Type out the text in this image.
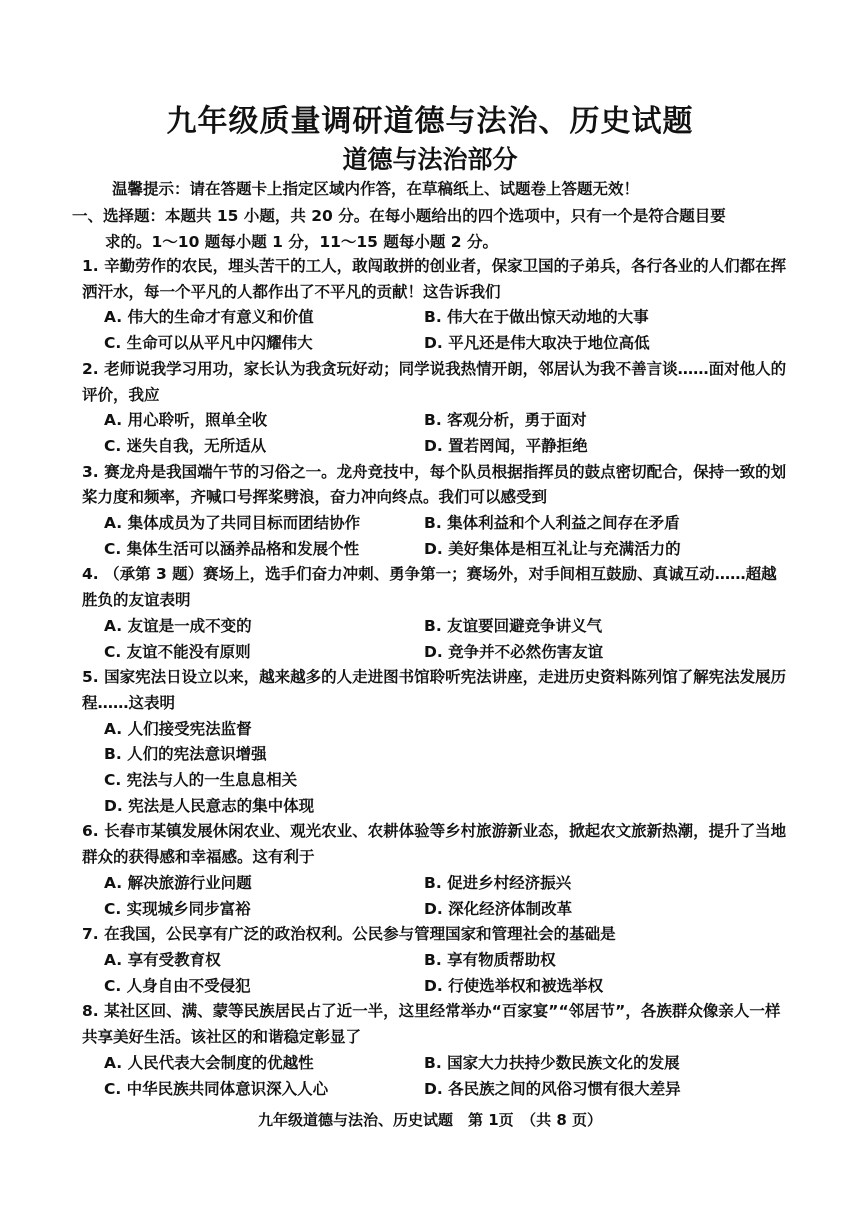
九年级质量调研道德与法治、历史试题
道德与法治部分
温馨提示：请在答题卡上指定区域内作答，在草稿纸上、试题卷上答题无效！
一、选择题：本题共 15 小题，共 20 分。在每小题给出的四个选项中，只有一个是符合题目要
求的。1～10 题每小题 1 分，11～15 题每小题 2 分。
1. 辛勤劳作的农民，埋头苦干的工人，敢闯敢拼的创业者，保家卫国的子弟兵，各行各业的人们都在挥洒汗水，每一个平凡的人都作出了不平凡的贡献！这告诉我们
A. 伟大的生命才有意义和价值	B. 伟大在于做出惊天动地的大事
C. 生命可以从平凡中闪耀伟大	D. 平凡还是伟大取决于地位高低
2. 老师说我学习用功，家长认为我贪玩好动；同学说我热情开朗，邻居认为我不善言谈……面对他人的评价，我应
A. 用心聆听，照单全收	B. 客观分析，勇于面对
C. 迷失自我，无所适从	D. 置若罔闻，平静拒绝
3. 赛龙舟是我国端午节的习俗之一。龙舟竞技中，每个队员根据指挥员的鼓点密切配合，保持一致的划桨力度和频率，齐喊口号挥桨劈浪，奋力冲向终点。我们可以感受到
A. 集体成员为了共同目标而团结协作	B. 集体利益和个人利益之间存在矛盾
C. 集体生活可以涵养品格和发展个性	D. 美好集体是相互礼让与充满活力的
4. （承第 3 题）赛场上，选手们奋力冲刺、勇争第一；赛场外，对手间相互鼓励、真诚互动……超越胜负的友谊表明
A. 友谊是一成不变的	B. 友谊要回避竞争讲义气
C. 友谊不能没有原则	D. 竞争并不必然伤害友谊
5. 国家宪法日设立以来，越来越多的人走进图书馆聆听宪法讲座，走进历史资料陈列馆了解宪法发展历程……这表明
A. 人们接受宪法监督
B. 人们的宪法意识增强
C. 宪法与人的一生息息相关
D. 宪法是人民意志的集中体现
6. 长春市某镇发展休闲农业、观光农业、农耕体验等乡村旅游新业态，掀起农文旅新热潮，提升了当地群众的获得感和幸福感。这有利于
A. 解决旅游行业问题	B. 促进乡村经济振兴
C. 实现城乡同步富裕	D. 深化经济体制改革
7. 在我国，公民享有广泛的政治权利。公民参与管理国家和管理社会的基础是
A. 享有受教育权	B. 享有物质帮助权
C. 人身自由不受侵犯	D. 行使选举权和被选举权
8. 某社区回、满、蒙等民族居民占了近一半，这里经常举办“百家宴”“邻居节”，各族群众像亲人一样共享美好生活。该社区的和谐稳定彰显了
A. 人民代表大会制度的优越性	B. 国家大力扶持少数民族文化的发展
C. 中华民族共同体意识深入人心	D. 各民族之间的风俗习惯有很大差异
九年级道德与法治、历史试题　第 1页　（共 8 页）
